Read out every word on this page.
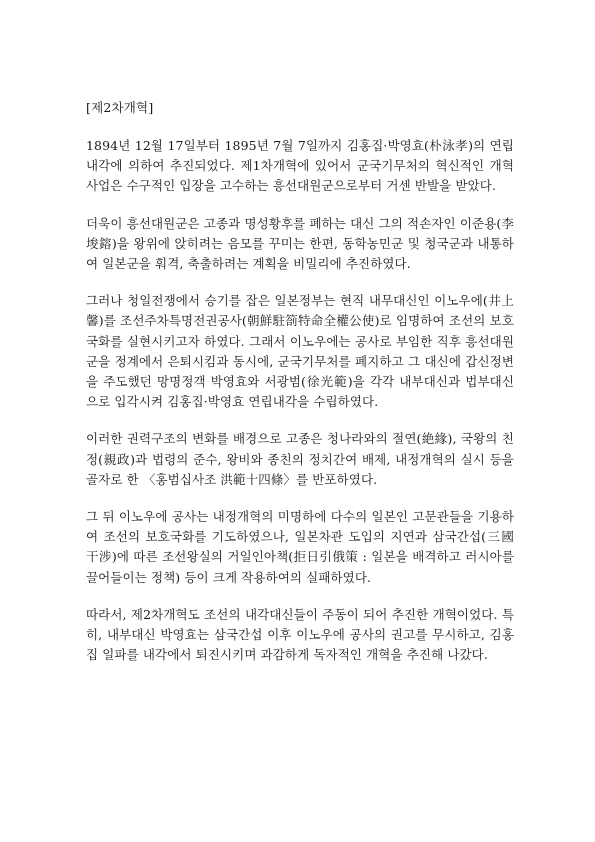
[제2차개혁]

1894년 12월 17일부터 1895년 7월 7일까지 김홍집·박영효(朴泳孝)의 연립내각에 의하여 추진되었다. 제1차개혁에 있어서 군국기무처의 혁신적인 개혁사업은 수구적인 입장을 고수하는 흥선대원군으로부터 거센 반발을 받았다.

더욱이 흥선대원군은 고종과 명성황후를 폐하는 대신 그의 적손자인 이준용(李埈鎔)을 왕위에 앉히려는 음모를 꾸미는 한편, 동학농민군 및 청국군과 내통하여 일본군을 훠격, 축출하려는 계획을 비밀리에 추진하였다.

그러나 청일전쟁에서 승기를 잡은 일본정부는 현직 내무대신인 이노우에(井上馨)를 조선주차특명전권공사(朝鮮駐箚特命全權公使)로 임명하여 조선의 보호국화를 실현시키고자 하였다. 그래서 이노우에는 공사로 부임한 직후 흥선대원군을 정계에서 은퇴시킴과 동시에, 군국기무처를 폐지하고 그 대신에 갑신정변을 주도했던 망명정객 박영효와 서광범(徐光範)을 각각 내부대신과 법부대신으로 입각시켜 김홍집·박영효 연립내각을 수립하였다.

이러한 권력구조의 변화를 배경으로 고종은 청나라와의 절연(絶緣), 국왕의 친정(親政)과 법령의 준수, 왕비와 종친의 정치간여 배제, 내정개혁의 실시 등을 골자로 한 〈홍범십사조 洪範十四條〉를 반포하였다.

그 뒤 이노우에 공사는 내정개혁의 미명하에 다수의 일본인 고문관들을 기용하여 조선의 보호국화를 기도하였으나, 일본차관 도입의 지연과 삼국간섭(三國干涉)에 따른 조선왕실의 거일인아책(拒日引俄策 : 일본을 배격하고 러시아를 끌어들이는 정책) 등이 크게 작용하여의 실패하였다.

따라서, 제2차개혁도 조선의 내각대신들이 주동이 되어 추진한 개혁이었다. 특히, 내부대신 박영효는 삼국간섭 이후 이노우에 공사의 권고를 무시하고, 김홍집 일파를 내각에서 퇴진시키며 과감하게 독자적인 개혁을 추진해 나갔다.
